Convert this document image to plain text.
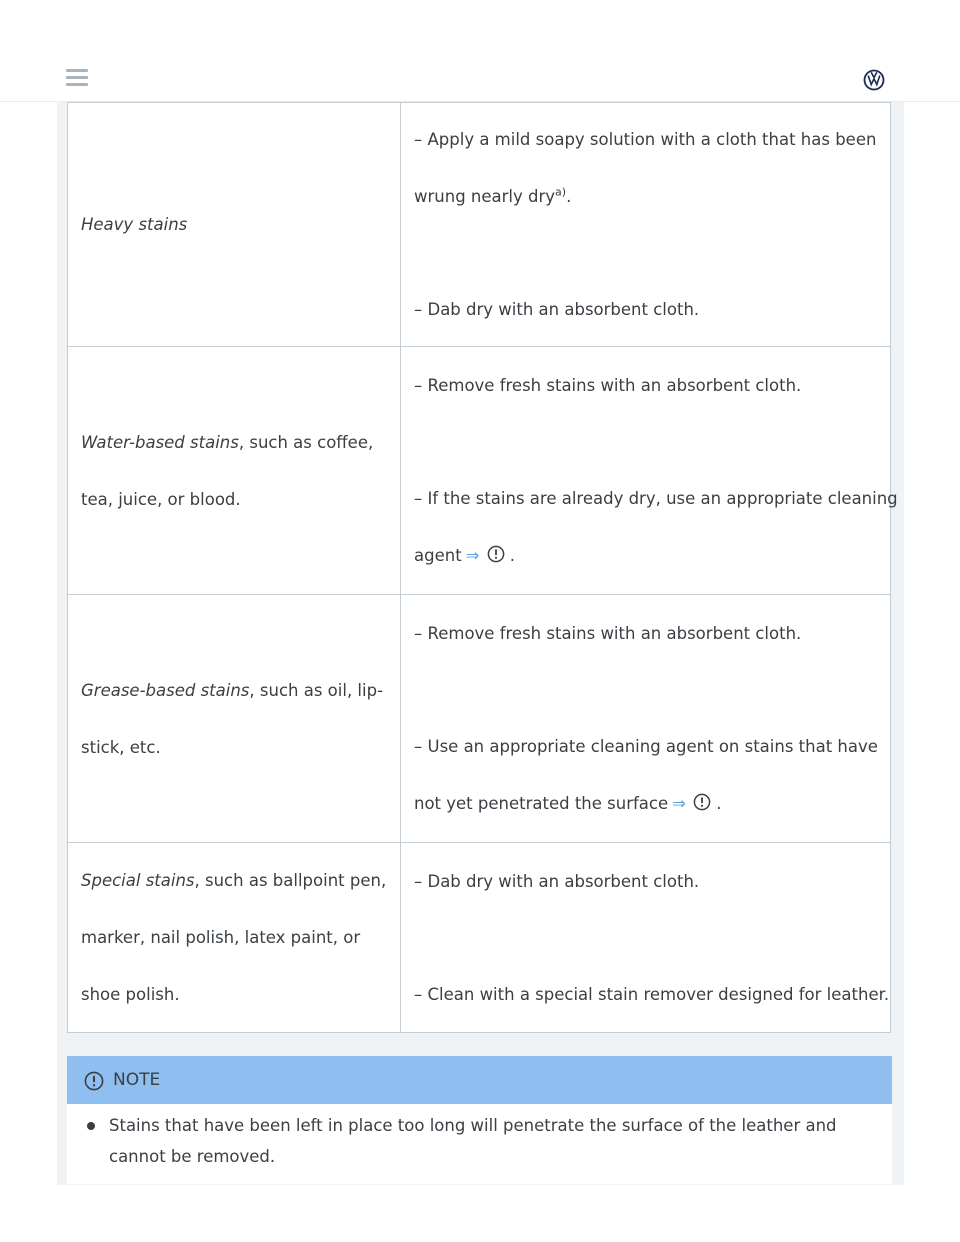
Heavy stains	– Apply a mild soapy solution with a cloth that has been
wrung nearly dry$^{a)}$.
– Dab dry with an absorbent cloth.

Water-based stains, such as coffee,
tea, juice, or blood.	– Remove fresh stains with an absorbent cloth.
– If the stains are already dry, use an appropriate cleaning
agent ⇒ .

Grease-based stains, such as oil, lip-
stick, etc.	– Remove fresh stains with an absorbent cloth.
– Use an appropriate cleaning agent on stains that have
not yet penetrated the surface ⇒ .

Special stains, such as ballpoint pen,
marker, nail polish, latex paint, or
shoe polish.	– Dab dry with an absorbent cloth.
– Clean with a special stain remover designed for leather.
NOTE
Stains that have been left in place too long will penetrate the surface of the leather and cannot be removed.
